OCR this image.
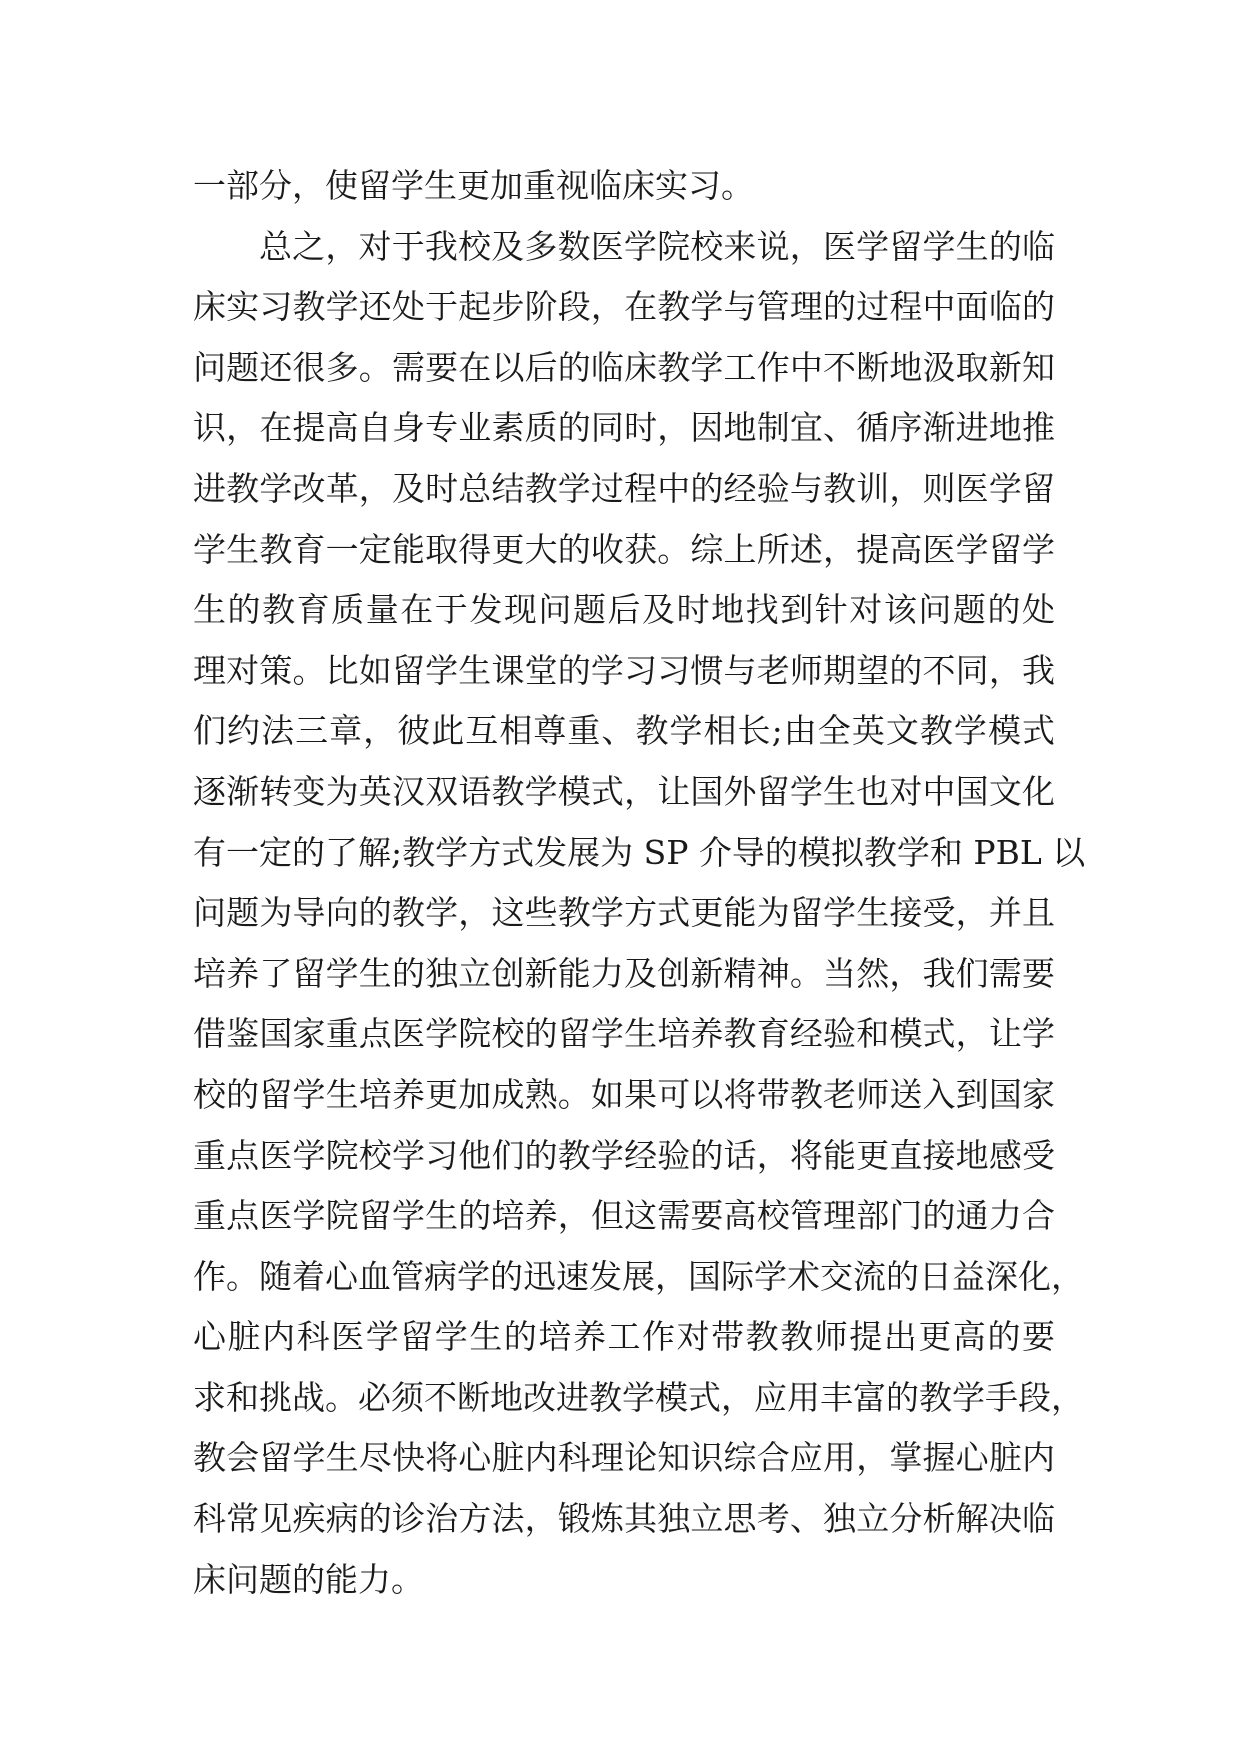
一部分，使留学生更加重视临床实习。
总之，对于我校及多数医学院校来说，医学留学生的临
床实习教学还处于起步阶段，在教学与管理的过程中面临的
问题还很多。需要在以后的临床教学工作中不断地汲取新知
识，在提高自身专业素质的同时，因地制宜、循序渐进地推
进教学改革，及时总结教学过程中的经验与教训，则医学留
学生教育一定能取得更大的收获。综上所述，提高医学留学
生的教育质量在于发现问题后及时地找到针对该问题的处
理对策。比如留学生课堂的学习习惯与老师期望的不同，我
们约法三章，彼此互相尊重、教学相长;由全英文教学模式
逐渐转变为英汉双语教学模式，让国外留学生也对中国文化
有一定的了解;教学方式发展为 SP 介导的模拟教学和 PBL 以
问题为导向的教学，这些教学方式更能为留学生接受，并且
培养了留学生的独立创新能力及创新精神。当然，我们需要
借鉴国家重点医学院校的留学生培养教育经验和模式，让学
校的留学生培养更加成熟。如果可以将带教老师送入到国家
重点医学院校学习他们的教学经验的话，将能更直接地感受
重点医学院留学生的培养，但这需要高校管理部门的通力合
作。随着心血管病学的迅速发展，国际学术交流的日益深化，
心脏内科医学留学生的培养工作对带教教师提出更高的要
求和挑战。必须不断地改进教学模式，应用丰富的教学手段，
教会留学生尽快将心脏内科理论知识综合应用，掌握心脏内
科常见疾病的诊治方法，锻炼其独立思考、独立分析解决临
床问题的能力。
